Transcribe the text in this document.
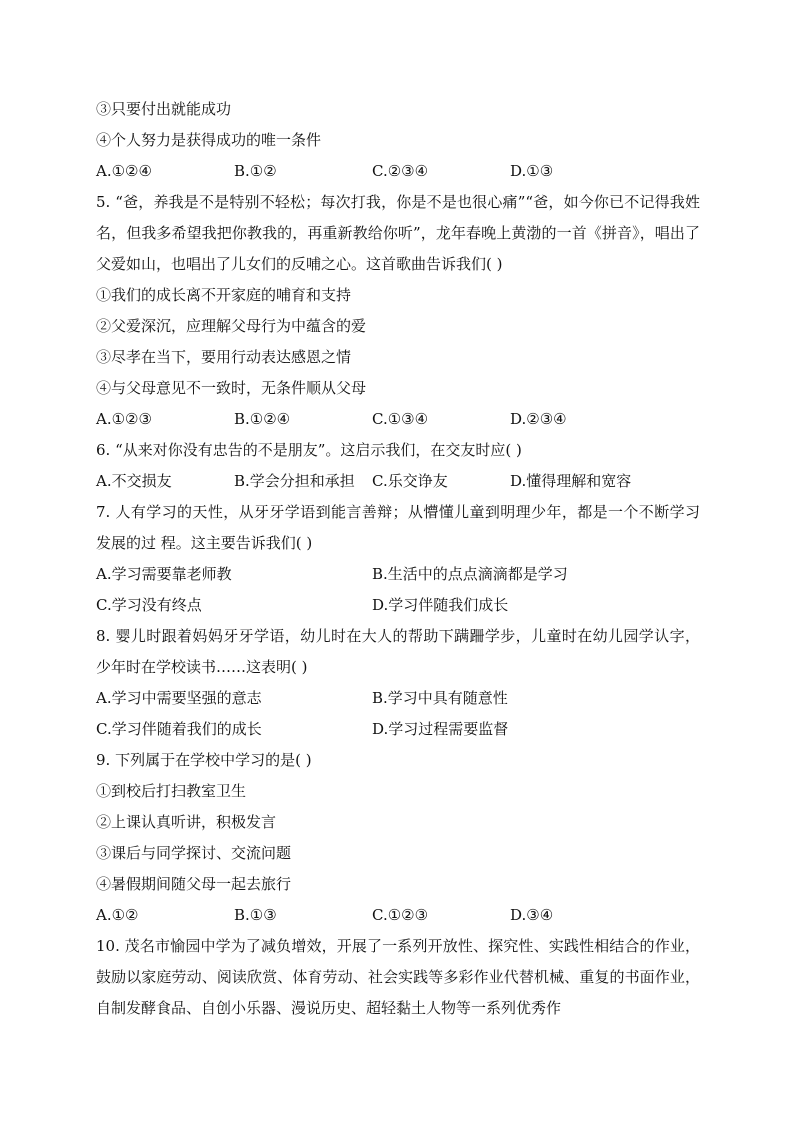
③只要付出就能成功
④个人努力是获得成功的唯一条件
A.①②④	B.①②	C.②③④	D.①③
5. “爸，养我是不是特别不轻松；每次打我，你是不是也很心痛”“爸，如今你已不记得我姓名，但我多希望我把你教我的，再重新教给你听”，龙年春晚上黄渤的一首《拼音》，唱出了父爱如山，也唱出了儿女们的反哺之心。这首歌曲告诉我们( )
①我们的成长离不开家庭的哺育和支持
②父爱深沉，应理解父母行为中蕴含的爱
③尽孝在当下，要用行动表达感恩之情
④与父母意见不一致时，无条件顺从父母
A.①②③	B.①②④	C.①③④	D.②③④
6. “从来对你没有忠告的不是朋友”。这启示我们，在交友时应( )
A.不交损友	B.学会分担和承担 C.乐交诤友	D.懂得理解和宽容
7. 人有学习的天性，从牙牙学语到能言善辩；从懵懂儿童到明理少年，都是一个不断学习发展的过 程。这主要告诉我们( )
A.学习需要靠老师教	B.生活中的点点滴滴都是学习
C.学习没有终点	D.学习伴随我们成长
8. 婴儿时跟着妈妈牙牙学语，幼儿时在大人的帮助下蹒跚学步，儿童时在幼儿园学认字，少年时在学校读书……这表明( )
A.学习中需要坚强的意志	B.学习中具有随意性
C.学习伴随着我们的成长	D.学习过程需要监督
9. 下列属于在学校中学习的是( )
①到校后打扫教室卫生
②上课认真听讲，积极发言
③课后与同学探讨、交流问题
④暑假期间随父母一起去旅行
A.①②	B.①③	C.①②③	D.③④
10. 茂名市愉园中学为了减负增效，开展了一系列开放性、探究性、实践性相结合的作业，鼓励以家庭劳动、阅读欣赏、体育劳动、社会实践等多彩作业代替机械、重复的书面作业，自制发酵食品、自创小乐器、漫说历史、超轻黏土人物等一系列优秀作
